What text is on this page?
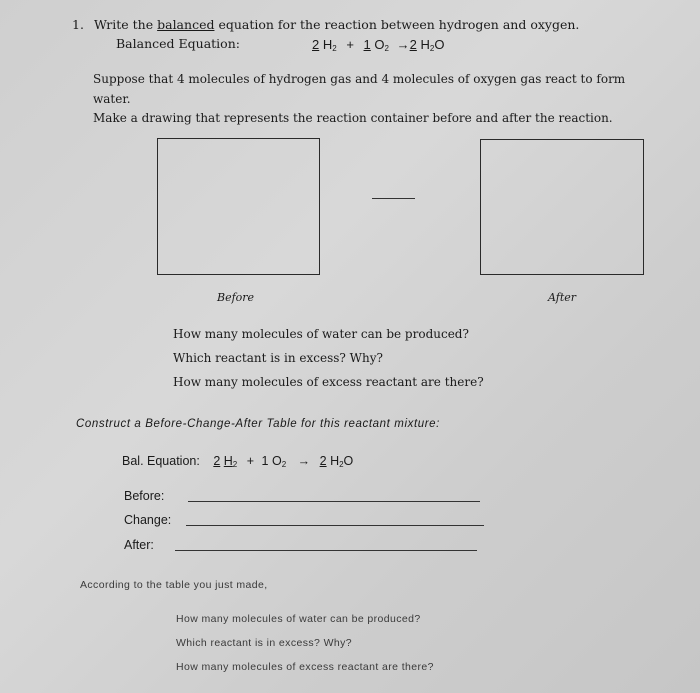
1. Write the balanced equation for the reaction between hydrogen and oxygen.
Balanced Equation:	2 $H_2 + 1$ $O_2 \to 2$ $H_2O$
Suppose that 4 molecules of hydrogen gas and 4 molecules of oxygen gas react to form
water.
Make a drawing that represents the reaction container before and after the reaction.
Before	After
How many molecules of water can be produced?
Which reactant is in excess? Why?
How many molecules of excess reactant are there?
Construct a Before-Change-After Table for this reactant mixture:
Bal. Equation: 2 $H_2 + 1$ $O_2 \to 2$ $H_2O$
Before:
Change:
After:
According to the table you just made,
How many molecules of water can be produced?
Which reactant is in excess? Why?
How many molecules of excess reactant are there?
